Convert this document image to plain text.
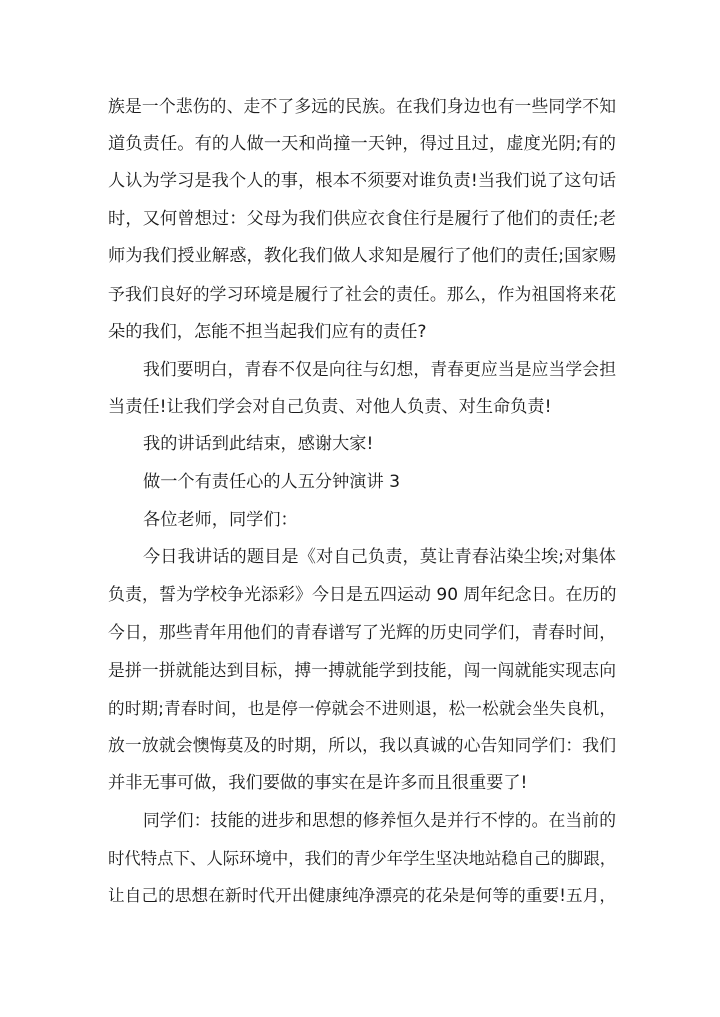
族是一个悲伤的、走不了多远的民族。在我们身边也有一些同学不知
道负责任。有的人做一天和尚撞一天钟，得过且过，虚度光阴;有的
人认为学习是我个人的事，根本不须要对谁负责!当我们说了这句话
时，又何曾想过：父母为我们供应衣食住行是履行了他们的责任;老
师为我们授业解惑，教化我们做人求知是履行了他们的责任;国家赐
予我们良好的学习环境是履行了社会的责任。那么，作为祖国将来花
朵的我们，怎能不担当起我们应有的责任?
我们要明白，青春不仅是向往与幻想，青春更应当是应当学会担
当责任!让我们学会对自己负责、对他人负责、对生命负责!
我的讲话到此结束，感谢大家!
做一个有责任心的人五分钟演讲 3
各位老师，同学们：
今日我讲话的题目是《对自己负责，莫让青春沾染尘埃;对集体
负责，誓为学校争光添彩》今日是五四运动 90 周年纪念日。在历的
今日，那些青年用他们的青春谱写了光辉的历史同学们，青春时间，
是拼一拼就能达到目标，搏一搏就能学到技能，闯一闯就能实现志向
的时期;青春时间，也是停一停就会不进则退，松一松就会坐失良机，
放一放就会懊悔莫及的时期，所以，我以真诚的心告知同学们：我们
并非无事可做，我们要做的事实在是许多而且很重要了!
同学们：技能的进步和思想的修养恒久是并行不悖的。在当前的
时代特点下、人际环境中，我们的青少年学生坚决地站稳自己的脚跟，
让自己的思想在新时代开出健康纯净漂亮的花朵是何等的重要!五月，
